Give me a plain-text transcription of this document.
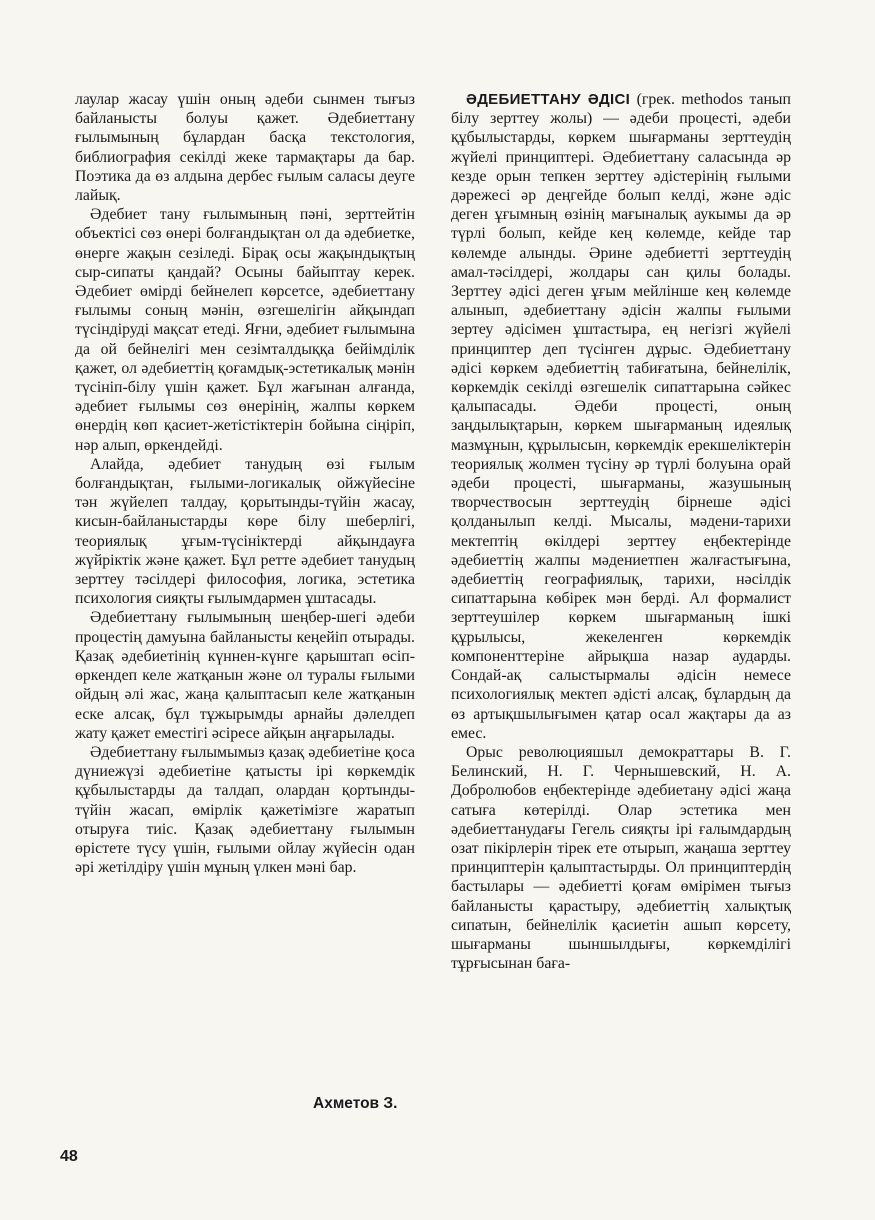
лаулар жасау үшін оның әдеби сынмен тығыз байланысты болуы қажет. Әдебиеттану ғылымының бұлардан басқа текстология, библиография секілді жеке тармақтары да бар. Поэтика да өз алдына дербес ғылым саласы деуге лайық.

Әдебиет тану ғылымының пәні, зерттейтін объектісі сөз өнері болғандықтан ол да әдебиетке, өнерге жақын сезіледі. Бірақ осы жақындықтың сыр-сипаты қандай? Осыны байыптау керек. Әдебиет өмірді бейнелеп көрсетсе, әдебиеттану ғылымы соның мәнін, өзгешелігін айқындап түсіндіруді мақсат етеді. Яғни, әдебиет ғылымына да ой бейнелігі мен сезімталдыққа бейімділік қажет, ол әдебиеттің қоғамдық-эстетикалық мәнін түсініп-білу үшін қажет. Бұл жағынан алғанда, әдебиет ғылымы сөз өнерінің, жалпы көркем өнердің көп қасиет-жетістіктерін бойына сіңіріп, нәр алып, өркендейді.

Алайда, әдебиет танудың өзі ғылым болғандықтан, ғылыми-логикалық ойжүйесіне тән жүйелеп талдау, қорытынды-түйін жасау, кисын-байланыстарды көре білу шеберлігі, теориялық ұғым-түсініктерді айқындауға жүйріктік және қажет. Бұл ретте әдебиет танудың зерттеу тәсілдері философия, логика, эстетика психология сияқты ғылымдармен ұштасады.

Әдебиеттану ғылымының шеңбер-шегі әдеби процестің дамуына байланысты кеңейіп отырады. Қазақ әдебиетінің күннен-күнге қарыштап өсіп-өркендеп келе жатқанын және ол туралы ғылыми ойдың әлі жас, жаңа қалыптасып келе жатқанын еске алсақ, бұл тұжырымды арнайы дәлелдеп жату қажет еместігі әсіресе айқын аңғарылады.

Әдебиеттану ғылымымыз қазақ әдебиетіне қоса дүниежүзі әдебиетіне қатысты ірі көркемдік құбылыстарды да талдап, олардан қортынды-түйін жасап, өмірлік қажетімізге жаратып отыруға тиіс. Қазақ әдебиеттану ғылымын өрістете түсу үшін, ғылыми ойлау жүйесін одан әрі жетілдіру үшін мұның үлкен мәні бар.

Ахметов З.

ӘДЕБИЕТТАНУ ӘДІСІ (грек. methodos танып білу зерттеу жолы) — әдеби процесті, әдеби құбылыстарды, көркем шығарманы зерттеудің жүйелі принциптері. Әдебиеттану саласында әр кезде орын тепкен зерттеу әдістерінің ғылыми дәрежесі әр деңгейде болып келді, және әдіс деген ұғымның өзінің мағыналық аукымы да әр түрлі болып, кейде кең көлемде, кейде тар көлемде алынды. Әрине әдебиетті зерттеудің амал-тәсілдері, жолдары сан қилы болады. Зерттеу әдісі деген ұғым мейлінше кең көлемде алынып, әдебиеттану әдісін жалпы ғылыми зертеу әдісімен ұштастыра, ең негізгі жүйелі принциптер деп түсінген дұрыс. Әдебиеттану әдісі көркем әдебиеттің табиғатына, бейнелілік, көркемдік секілді өзгешелік сипаттарына сәйкес қалыпасады. Әдеби процесті, оның заңдылықтарын, көркем шығарманың идеялық мазмұнын, құрылысын, көркемдік ерекшеліктерін теориялық жолмен түсіну әр түрлі болуына орай әдеби процесті, шығарманы, жазушының творчествосын зерттеудің бірнеше әдісі қолданылып келді. Мысалы, мәдени-тарихи мектептің өкілдері зерттеу еңбектерінде әдебиеттің жалпы мәдениетпен жалғастығына, әдебиеттің географиялық, тарихи, нәсілдік сипаттарына көбірек мән берді. Ал формалист зерттеушілер көркем шығарманың ішкі құрылысы, жекеленген көркемдік компоненттеріне айрықша назар аударды. Сондай-ақ салыстырмалы әдісін немесе психологиялық мектеп әдісті алсақ, бұлардың да өз артықшылығымен қатар осал жақтары да аз емес.

Орыс революцияшыл демократтары В. Г. Белинский, Н. Г. Чернышевский, Н. А. Добролюбов еңбектерінде әдебиетану әдісі жаңа сатыға көтерілді. Олар эстетика мен әдебиеттанудағы Гегель сияқты ірі ғалымдардың озат пікірлерін тірек ете отырып, жаңаша зерттеу принциптерін қалыптастырды. Ол принциптердің бастылары — әдебиетті қоғам өмірімен тығыз байланысты қарастыру, әдебиеттің халықтық сипатын, бейнелілік қасиетін ашып көрсету, шығарманы шыншылдығы, көркемділігі тұрғысынан бағa-

48
